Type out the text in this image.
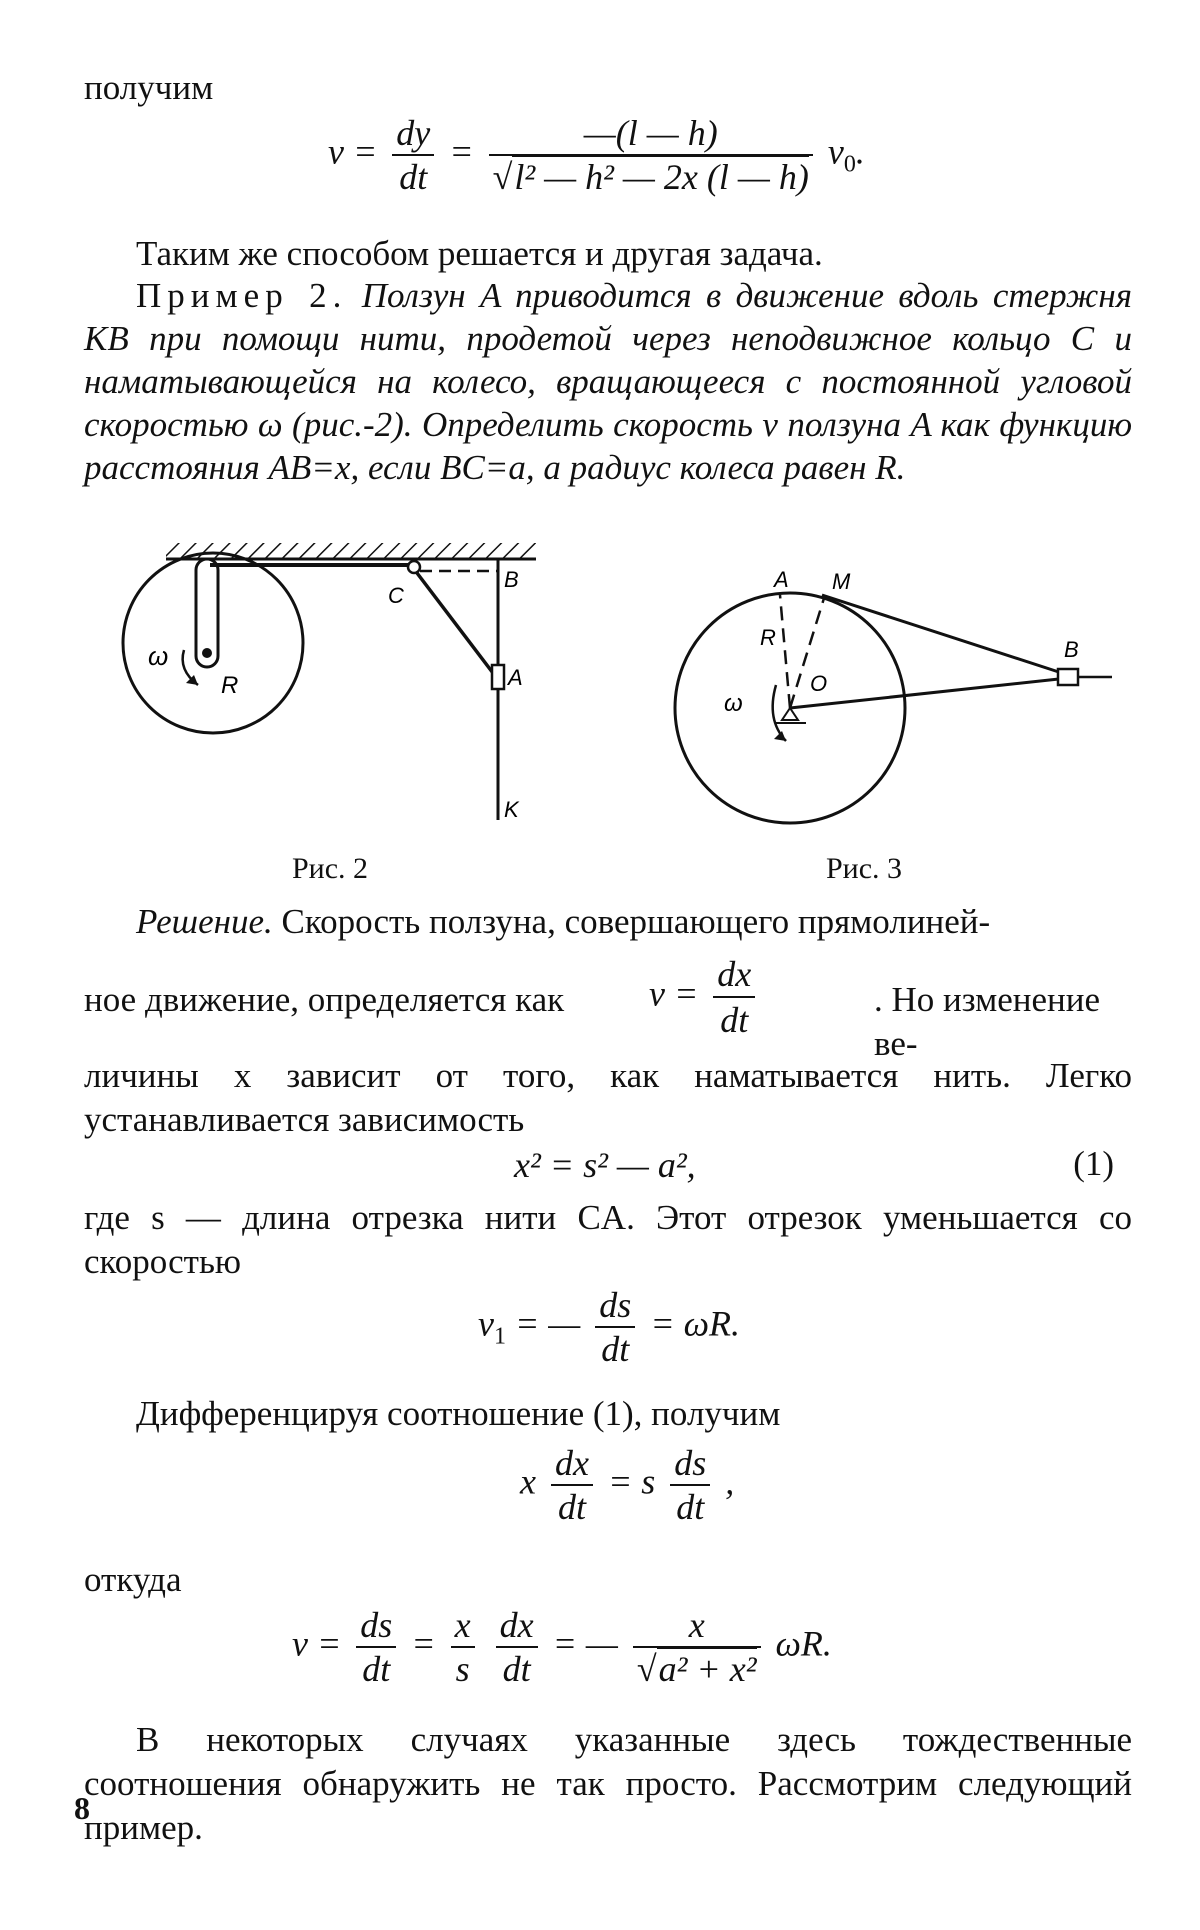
получим
$v = \frac{dy}{dt} = \frac{—(l — h)}{\text{√l² — h² — 2x (l — h)}} v_0$.
Таким же способом решается и другая задача.
Пример 2. Ползун A приводится в движение вдоль стержня KB при помощи нити, продетой через неподвижное кольцо C и наматывающейся на колесо, вращающееся с постоянной угловой скоростью ω (рис.-2). Определить скорость v ползуна A как функцию расстояния AB=x, если BC=a, а радиус колеса равен R.
ω
R
C
B
A
K
Рис. 2
A M
R
O
ω
B
Рис. 3
Решение. Скорость ползуна, совершающего прямолиней-
ное движение, определяется как $v = \frac{dx}{dt}$	. Но изменение ве-
личины x зависит от того, как наматывается нить. Легко устанавливается зависимость
x² = s² — a²,	(1)
где s — длина отрезка нити CA. Этот отрезок уменьшается со скоростью
$v_1$ = — $\frac{ds}{dt} = \omega R$.
Дифференцируя соотношение (1), получим
x $\frac{dx}{dt} = s \frac{ds}{dt}$ ,
откуда
$v = \frac{ds}{dt} = \frac{x}{s}$
$\frac{dx}{dt}$ = — $\frac{x}{\text{√a² + x²}} \omega R$.
В некоторых случаях указанные здесь тождественные соотношения обнаружить не так просто. Рассмотрим следующий пример.
8
